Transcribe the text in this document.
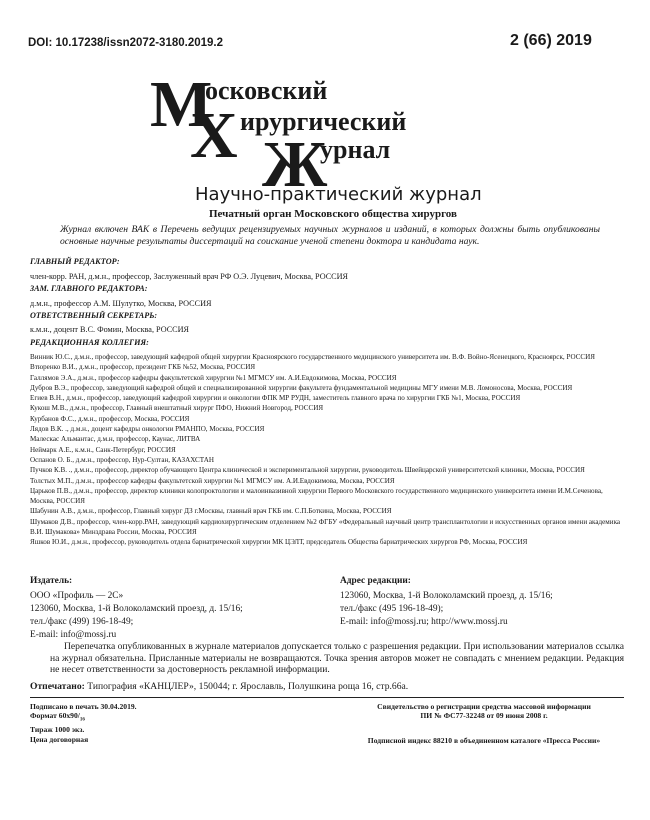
DOI: 10.17238/issn2072-3180.2019.2	2 (66) 2019
М
осковский
Х ирургический
Ж
урнал
Научно-практический журнал
Печатный орган Московского общества хирургов
Журнал включен ВАК в Перечень ведущих рецензируемых научных журналов и изданий, в которых должны быть опубликованы основные научные результаты диссертаций на соискание ученой степени доктора и кандидата наук.
ГЛАВНЫЙ РЕДАКТОР:
член-корр. РАН, д.м.н., профессор, Заслуженный врач РФ О.Э. Луцевич, Москва, РОССИЯ
ЗАМ. ГЛАВНОГО РЕДАКТОРА:
д.м.н., профессор А.М. Шулутко, Москва, РОССИЯ
ОТВЕТСТВЕННЫЙ СЕКРЕТАРЬ:
к.м.н., доцент В.С. Фомин, Москва, РОССИЯ
РЕДАКЦИОННАЯ КОЛЛЕГИЯ:
Винник Ю.С., д.м.н., профессор, заведующий кафедрой общей хирургии Красноярского государственного медицинского университета им. В.Ф. Войно-Ясенецкого, Красноярск, РОССИЯ
Втюренко В.И., д.м.н., профессор, президент ГКБ №52, Москва, РОССИЯ
Галлямов Э.А., д.м.н., профессор кафедры факультетской хирургии №1 МГМСУ им. А.И.Евдокимова, Москва, РОССИЯ
Дубров В.Э., профессор, заведующий кафедрой общей и специализированной хирургии факультета фундаментальной медицины МГУ имени М.В. Ломоносова, Москва, РОССИЯ
Егиев В.Н., д.м.н., профессор, заведующий кафедрой хирургии и онкологии ФПК МР РУДН, заместитель главного врача по хирургии ГКБ №1, Москва, РОССИЯ
Кукош М.В., д.м.н., профессор, Главный внештатный хирург ПФО, Нижний Новгород, РОССИЯ
Курбанов Ф.С., д.м.н., профессор, Москва, РОССИЯ
Лядов В.К. ., д.м.н., доцент кафедры онкологии РМАНПО, Москва, РОССИЯ
Малескас Альмантас, д.м.н, профессор, Каунас, ЛИТВА
Неймарк А.Е., к.м.н., Санк-Петербург, РОССИЯ
Оспанов О. Б., д.м.н., профессор, Нур-Султан, КАЗАХСТАН
Пучков К.В. ., д.м.н., профессор, директор обучающего Центра клинической и экспериментальной хирургии, руководитель Швейцарской университетской клиники, Москва, РОССИЯ
Толстых М.П., д.м.н., профессор кафедры факультетской хирургии №1 МГМСУ им. А.И.Евдокимова, Москва, РОССИЯ
Царьков П.В., д.м.н., профессор, директор клиники колопроктологии и малоинвазивной хирургии Первого Московского государственного медицинского университета имени И.М.Сеченова, Москва, РОССИЯ
Шабунин А.В., д.м.н., профессор, Главный хирург ДЗ г.Москвы, главный врач ГКБ им. С.П.Боткина, Москва, РОССИЯ
Шумаков Д.В., профессор, член-корр.РАН, заведующий кардиохирургическим отделением №2 ФГБУ «Федеральный научный центр трансплантологии и искусственных органов имени академика В.И. Шумакова» Минздрава России, Москва, РОССИЯ
Яшков Ю.И., д.м.н., профессор, руководитель отдела бариатрической хирургии МК ЦЭЛТ, председатель Общества бариатрических хирургов РФ, Москва, РОССИЯ
Издатель:
ООО «Профиль — 2С»
123060, Москва, 1-й Волоколамский проезд, д. 15/16;
тел./факс (499) 196-18-49;
E-mail: info@mossj.ru
Адрес редакции:
123060, Москва, 1-й Волоколамский проезд, д. 15/16;
тел./факс (495 196-18-49);
E-mail: info@mossj.ru; http://www.mossj.ru
Перепечатка опубликованных в журнале материалов допускается только с разрешения редакции. При использовании материалов ссылка на журнал обязательна. Присланные материалы не возвращаются. Точка зрения авторов может не совпадать с мнением редакции. Редакция не несет ответственности за достоверность рекламной информации.
Отпечатано: Типография «КАНЦЛЕР», 150044; г. Ярославль, Полушкина роща 16, стр.66а.
Подписано в печать 30.04.2019.
Формат $60х90/_{16}$
Тираж 1000 экз.
Цена договорная
Свидетельство о регистрации средства массовой информации
ПИ № ФС77-32248 от 09 июня 2008 г.
Подписной индекс 88210 в объединенном каталоге «Пресса России»
